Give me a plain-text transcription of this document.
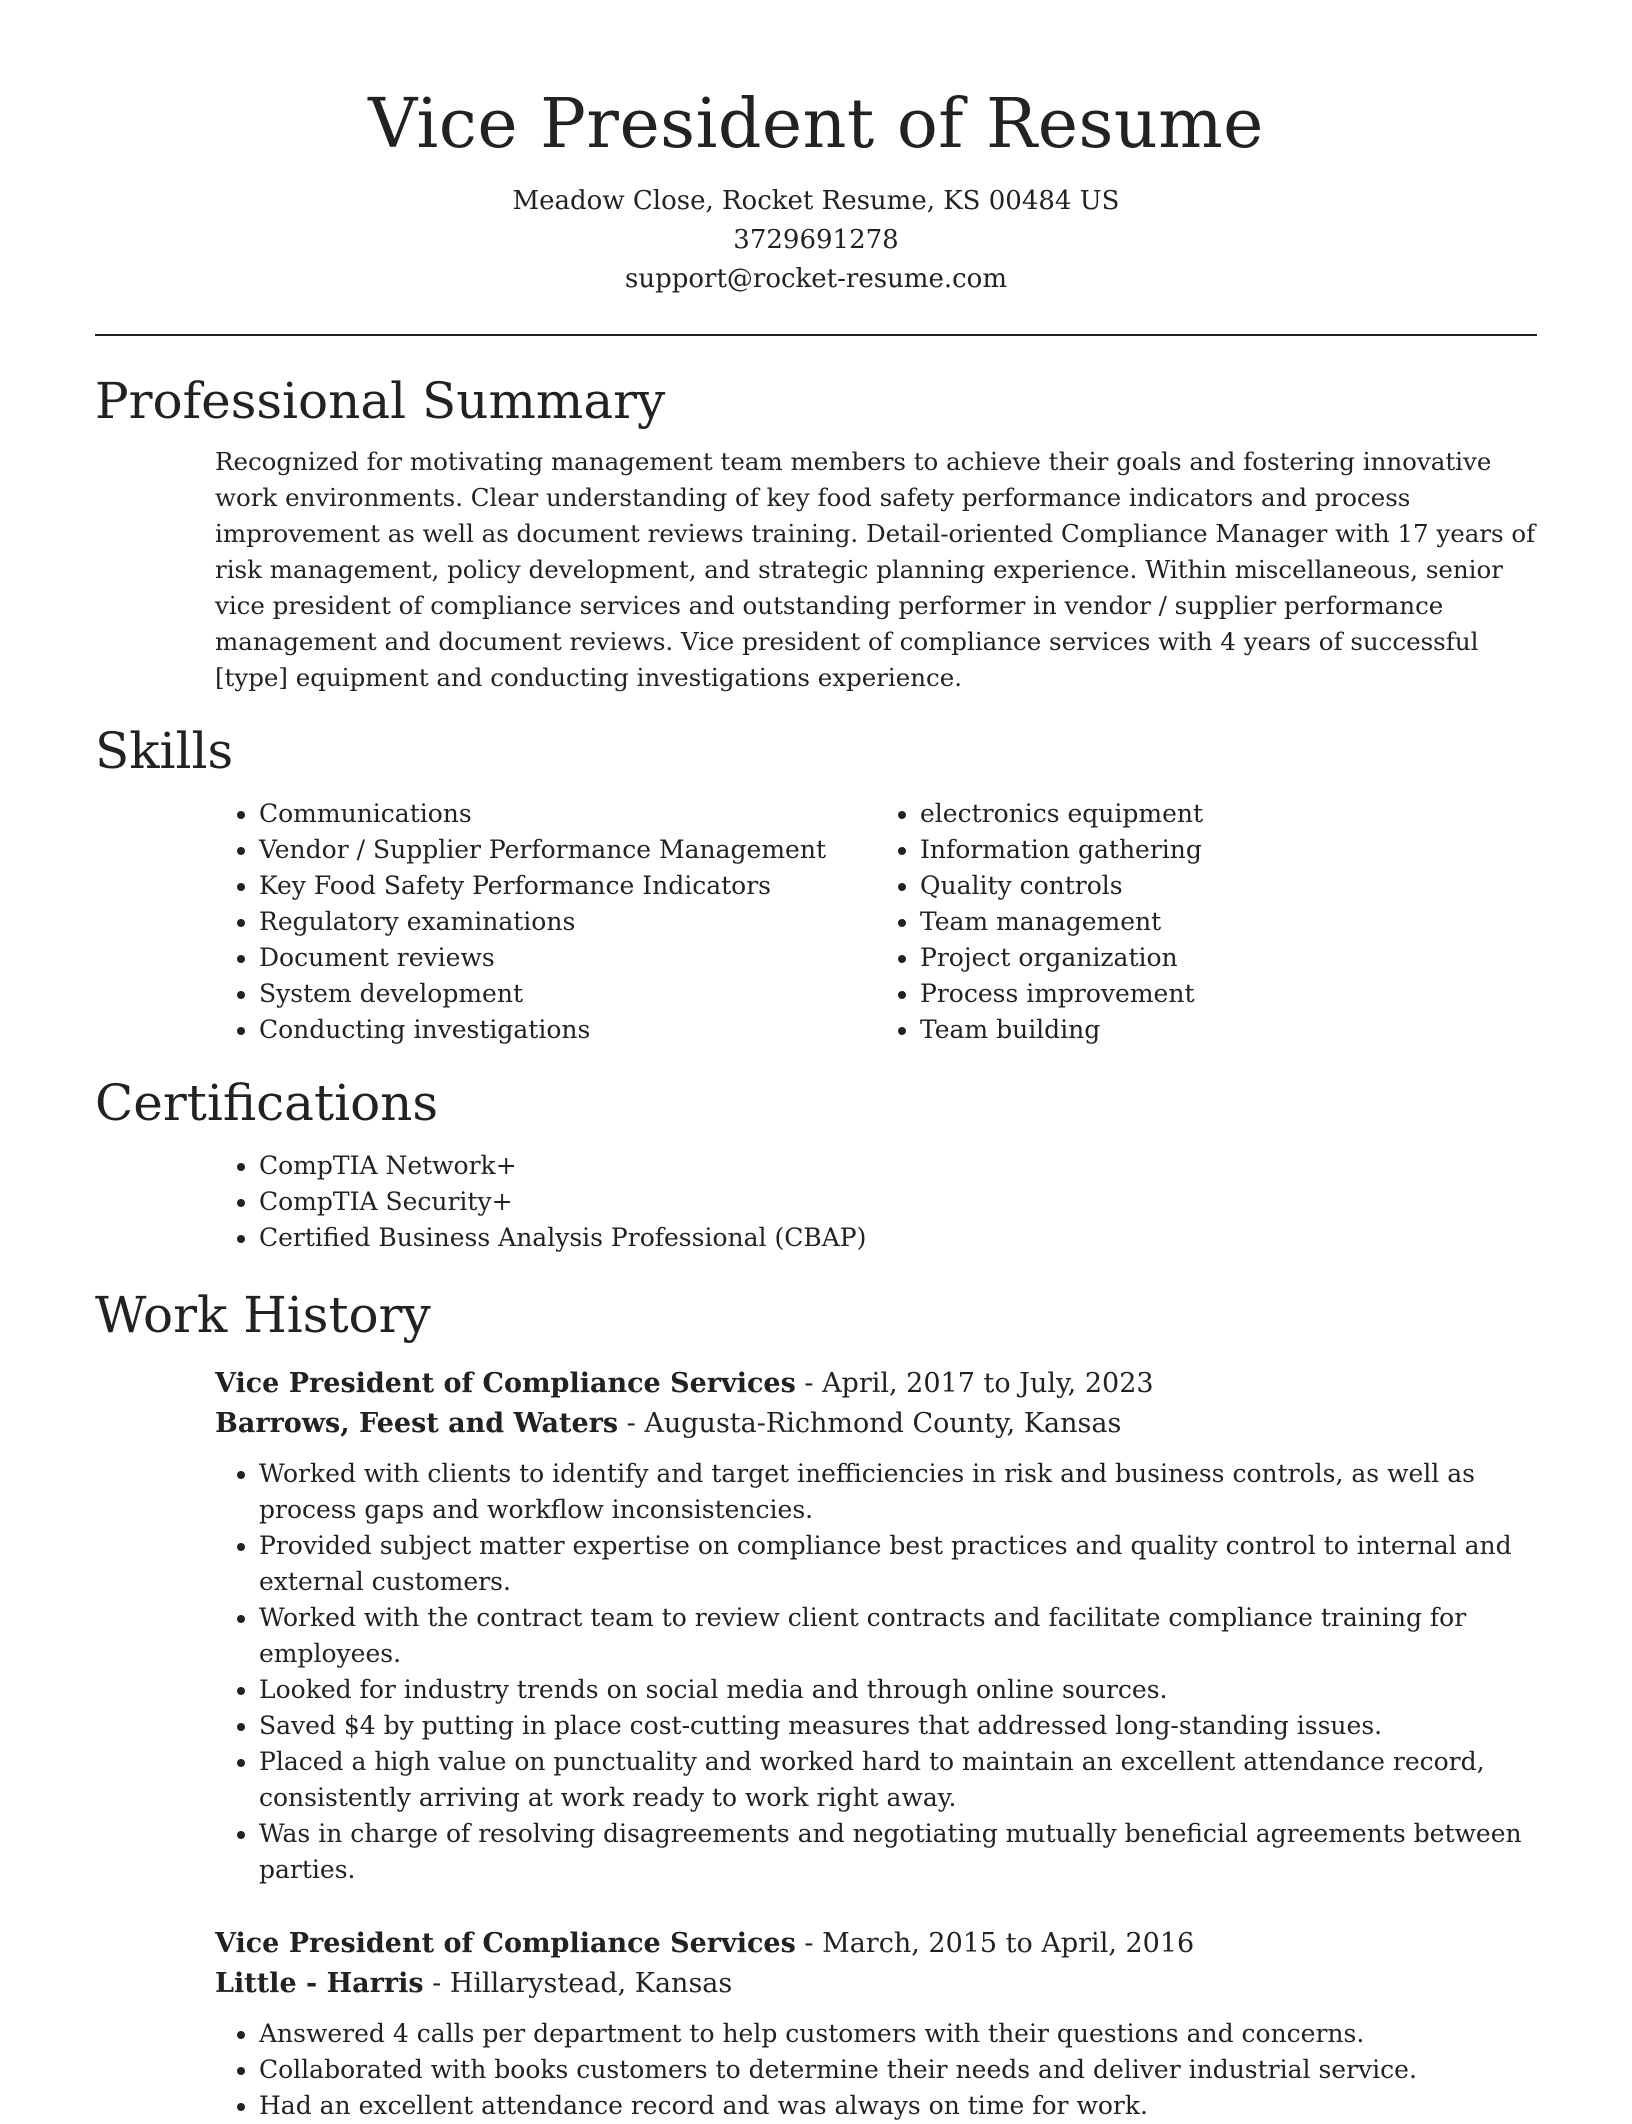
Vice President of Resume
Meadow Close, Rocket Resume, KS 00484 US
3729691278
support@rocket-resume.com
Professional Summary

Recognized for motivating management team members to achieve their goals and fostering innovative work environments. Clear understanding of key food safety performance indicators and process improvement as well as document reviews training. Detail-oriented Compliance Manager with 17 years of risk management, policy development, and strategic planning experience. Within miscellaneous, senior vice president of compliance services and outstanding performer in vendor / supplier performance management and document reviews. Vice president of compliance services with 4 years of successful [type] equipment and conducting investigations experience.

Skills
• Communications
• Vendor / Supplier Performance Management
• Key Food Safety Performance Indicators
• Regulatory examinations
• Document reviews
• System development
• Conducting investigations
• electronics equipment
• Information gathering
• Quality controls
• Team management
• Project organization
• Process improvement
• Team building
Certifications
• CompTIA Network+
• CompTIA Security+
• Certified Business Analysis Professional (CBAP)
Work History
Vice President of Compliance Services - April, 2017 to July, 2023
Barrows, Feest and Waters - Augusta-Richmond County, Kansas
• Worked with clients to identify and target inefficiencies in risk and business controls, as well as process gaps and workflow inconsistencies.
• Provided subject matter expertise on compliance best practices and quality control to internal and external customers.
• Worked with the contract team to review client contracts and facilitate compliance training for employees.
• Looked for industry trends on social media and through online sources.
• Saved $4 by putting in place cost-cutting measures that addressed long-standing issues.
• Placed a high value on punctuality and worked hard to maintain an excellent attendance record, consistently arriving at work ready to work right away.
• Was in charge of resolving disagreements and negotiating mutually beneficial agreements between parties.
Vice President of Compliance Services - March, 2015 to April, 2016
Little - Harris - Hillarystead, Kansas
• Answered 4 calls per department to help customers with their questions and concerns.
• Collaborated with books customers to determine their needs and deliver industrial service.
• Had an excellent attendance record and was always on time for work.
